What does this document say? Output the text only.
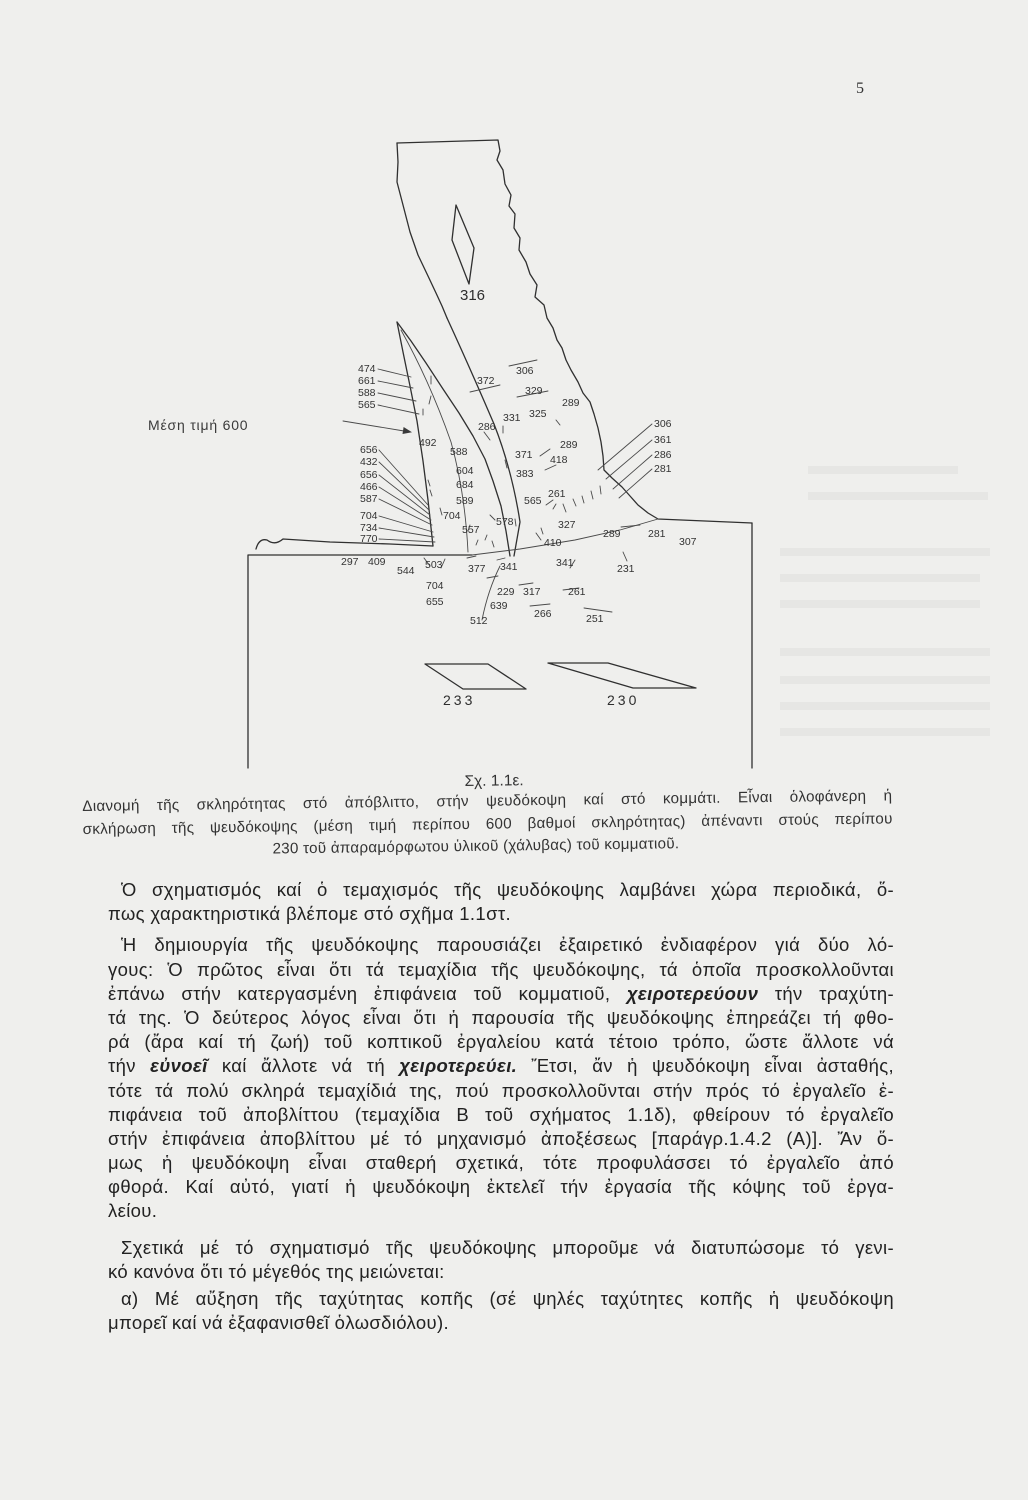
5
316
Μέση τιμή 600
233	230
474
661
588
565
656
432
656
466
587
704
734
770
492
372
306
329
289
325
331
286
588
289
371 418
604	383
684
589	565
261
704
557
578	327
410
289	281
307
306
361
286
281
297 409
544 503 377 341	341	231
704	229 317	261
655	639
266	251
512
Σχ. 1.1ε.
Διανομή τῆς σκληρότητας στό ἀπόβλιττο, στήν ψευδόκοψη καί στό κομμάτι. Εἶναι ὁλοφάνερη ἡ
σκλήρωση τῆς ψευδόκοψης (μέση τιμή περίπου 600 βαθμοί σκληρότητας) ἀπέναντι στούς περίπου
230 τοῦ ἀπαραμόρφωτου ὑλικοῦ (χάλυβας) τοῦ κομματιοῦ.
Ὁ σχηματισμός καί ὁ τεμαχισμός τῆς ψευδόκοψης λαμβάνει χώρα περιοδικά, ὅ-
πως χαρακτηριστικά βλέπομε στό σχῆμα 1.1στ.
Ἡ δημιουργία τῆς ψευδόκοψης παρουσιάζει ἐξαιρετικό ἐνδιαφέρον γιά δύο λό-
γους: Ὁ πρῶτος εἶναι ὅτι τά τεμαχίδια τῆς ψευδόκοψης, τά ὁποῖα προσκολλοῦνται
ἐπάνω στήν κατεργασμένη ἐπιφάνεια τοῦ κομματιοῦ, χειροτερεύουν τήν τραχύτη-
τά της. Ὁ δεύτερος λόγος εἶναι ὅτι ἡ παρουσία τῆς ψευδόκοψης ἐπηρεάζει τή φθο-
ρά (ἄρα καί τή ζωή) τοῦ κοπτικοῦ ἐργαλείου κατά τέτοιο τρόπο, ὥστε ἄλλοτε νά
τήν εὐνοεῖ καί ἄλλοτε νά τή χειροτερεύει. Ἔτσι, ἄν ἡ ψευδόκοψη εἶναι ἀσταθής,
τότε τά πολύ σκληρά τεμαχίδιά της, πού προσκολλοῦνται στήν πρός τό ἐργαλεῖο ἐ-
πιφάνεια τοῦ ἀποβλίττου (τεμαχίδια Β τοῦ σχήματος 1.1δ), φθείρουν τό ἐργαλεῖο
στήν ἐπιφάνεια ἀποβλίττου μέ τό μηχανισμό ἀποξέσεως [παράγρ.1.4.2 (Α)]. Ἄν ὅ-
μως ἡ ψευδόκοψη εἶναι σταθερή σχετικά, τότε προφυλάσσει τό ἐργαλεῖο ἀπό
φθορά. Καί αὐτό, γιατί ἡ ψευδόκοψη ἐκτελεῖ τήν ἐργασία τῆς κόψης τοῦ ἐργα-
λείου.
Σχετικά μέ τό σχηματισμό τῆς ψευδόκοψης μποροῦμε νά διατυπώσομε τό γενι-
κό κανόνα ὅτι τό μέγεθός της μειώνεται:
α) Μέ αὔξηση τῆς ταχύτητας κοπῆς (σέ ψηλές ταχύτητες κοπῆς ἡ ψευδόκοψη
μπορεῖ καί νά ἐξαφανισθεῖ ὁλωσδιόλου).
